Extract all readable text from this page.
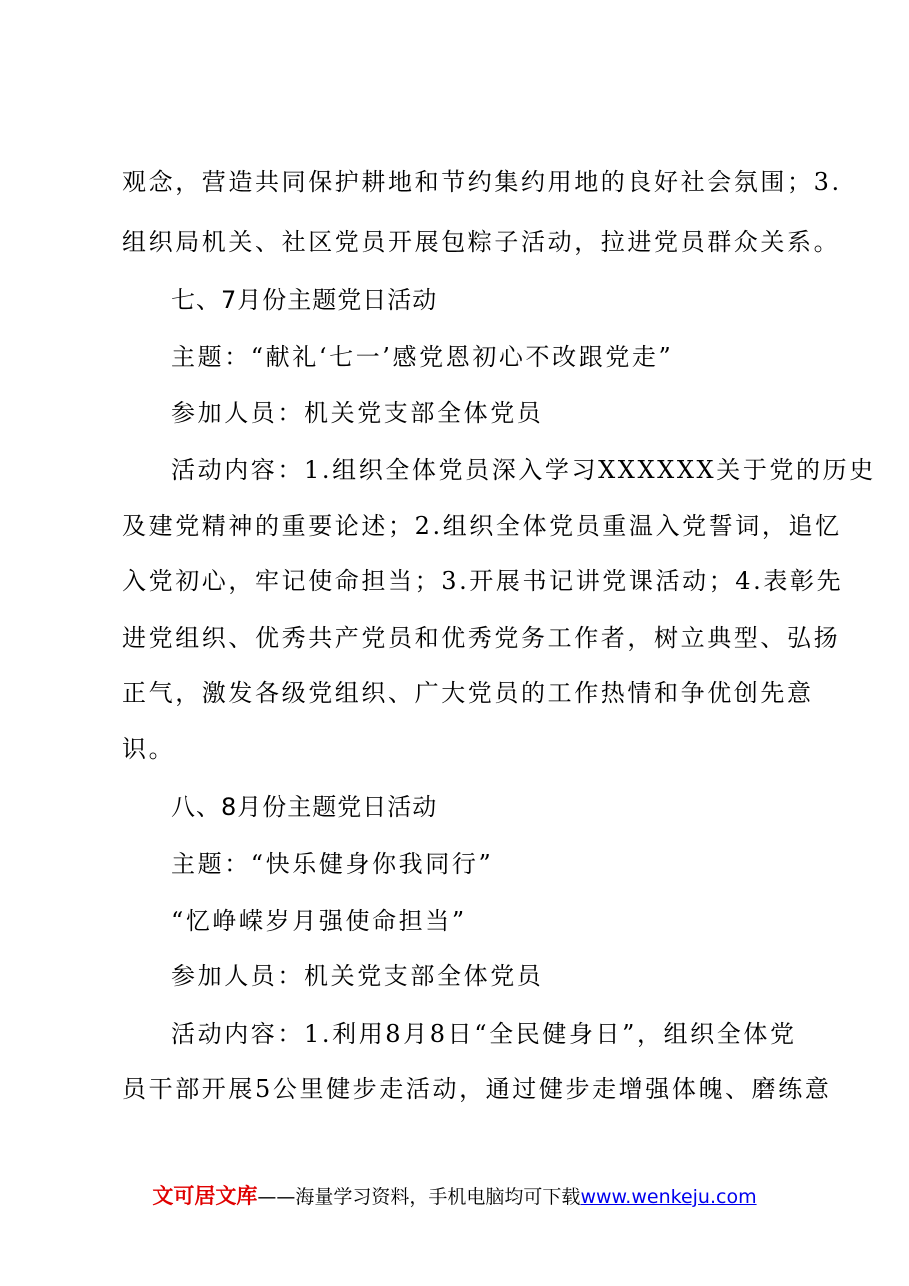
观念，营造共同保护耕地和节约集约用地的良好社会氛围；3.
组织局机关、社区党员开展包粽子活动，拉进党员群众关系。
七、7月份主题党日活动
主题：“献礼‘七一’感党恩初心不改跟党走”
参加人员：机关党支部全体党员
活动内容：1.组织全体党员深入学习XXXXXX关于党的历史
及建党精神的重要论述；2.组织全体党员重温入党誓词，追忆
入党初心，牢记使命担当；3.开展书记讲党课活动；4.表彰先
进党组织、优秀共产党员和优秀党务工作者，树立典型、弘扬
正气，激发各级党组织、广大党员的工作热情和争优创先意
识。
八、8月份主题党日活动
主题：“快乐健身你我同行”
“忆峥嵘岁月强使命担当”
参加人员：机关党支部全体党员
活动内容：1.利用8月8日“全民健身日”，组织全体党
员干部开展5公里健步走活动，通过健步走增强体魄、磨练意
文可居文库——海量学习资料，手机电脑均可下载www.wenkeju.com
